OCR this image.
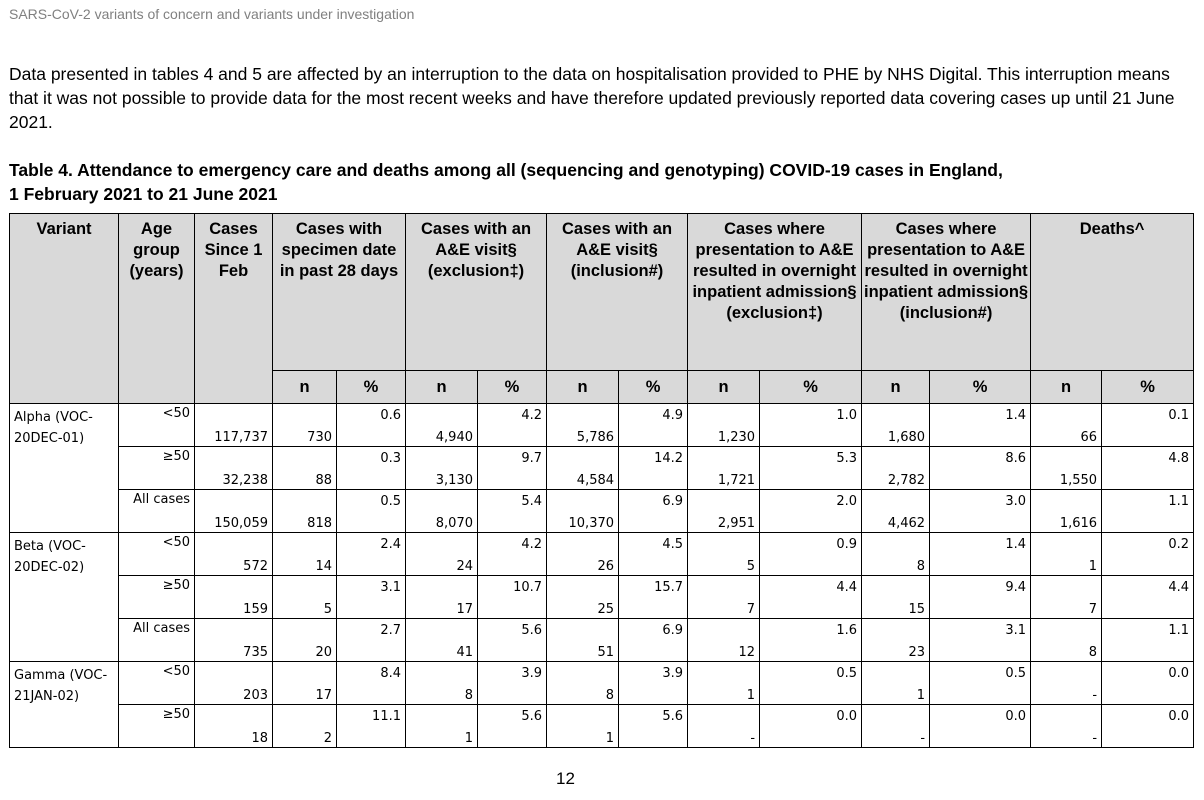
SARS-CoV-2 variants of concern and variants under investigation
Data presented in tables 4 and 5 are affected by an interruption to the data on hospitalisation provided to PHE by NHS Digital. This interruption means that it was not possible to provide data for the most recent weeks and have therefore updated previously reported data covering cases up until 21 June 2021.
Table 4. Attendance to emergency care and deaths among all (sequencing and genotyping) COVID-19 cases in England,
1 February 2021 to 21 June 2021
Variant	Age group (years)	Cases Since 1 Feb	Cases with specimen date in past 28 days		Cases with an A&E visit§ (exclusion‡)		Cases with an A&E visit§ (inclusion#)		Cases where presentation to A&E resulted in overnight inpatient admission§ (exclusion‡)		Cases where presentation to A&E resulted in overnight inpatient admission§ (inclusion#)		Deaths^	
			n	%	n	%	n	%	n	%	n	%	n	%
Alpha (VOC-20DEC-01)	<50	117,737	730	0.6	4,940	4.2	5,786	4.9	1,230	1.0	1,680	1.4	66	0.1

	≥50	32,238	88	0.3	3,130	9.7	4,584	14.2	1,721	5.3	2,782	8.6	1,550	4.8

	All cases	150,059	818	0.5	8,070	5.4	10,370	6.9	2,951	2.0	4,462	3.0	1,616	1.1

Beta (VOC-20DEC-02)	<50	572	14	2.4	24	4.2	26	4.5	5	0.9	8	1.4	1	0.2

	≥50	159	5	3.1	17	10.7	25	15.7	7	4.4	15	9.4	7	4.4

	All cases	735	20	2.7	41	5.6	51	6.9	12	1.6	23	3.1	8	1.1

Gamma (VOC-21JAN-02)	<50	203	17	8.4	8	3.9	8	3.9	1	0.5	1	0.5	-	0.0

	≥50	18	2	11.1	1	5.6	1	5.6	-	0.0	-	0.0	-	0.0
12
